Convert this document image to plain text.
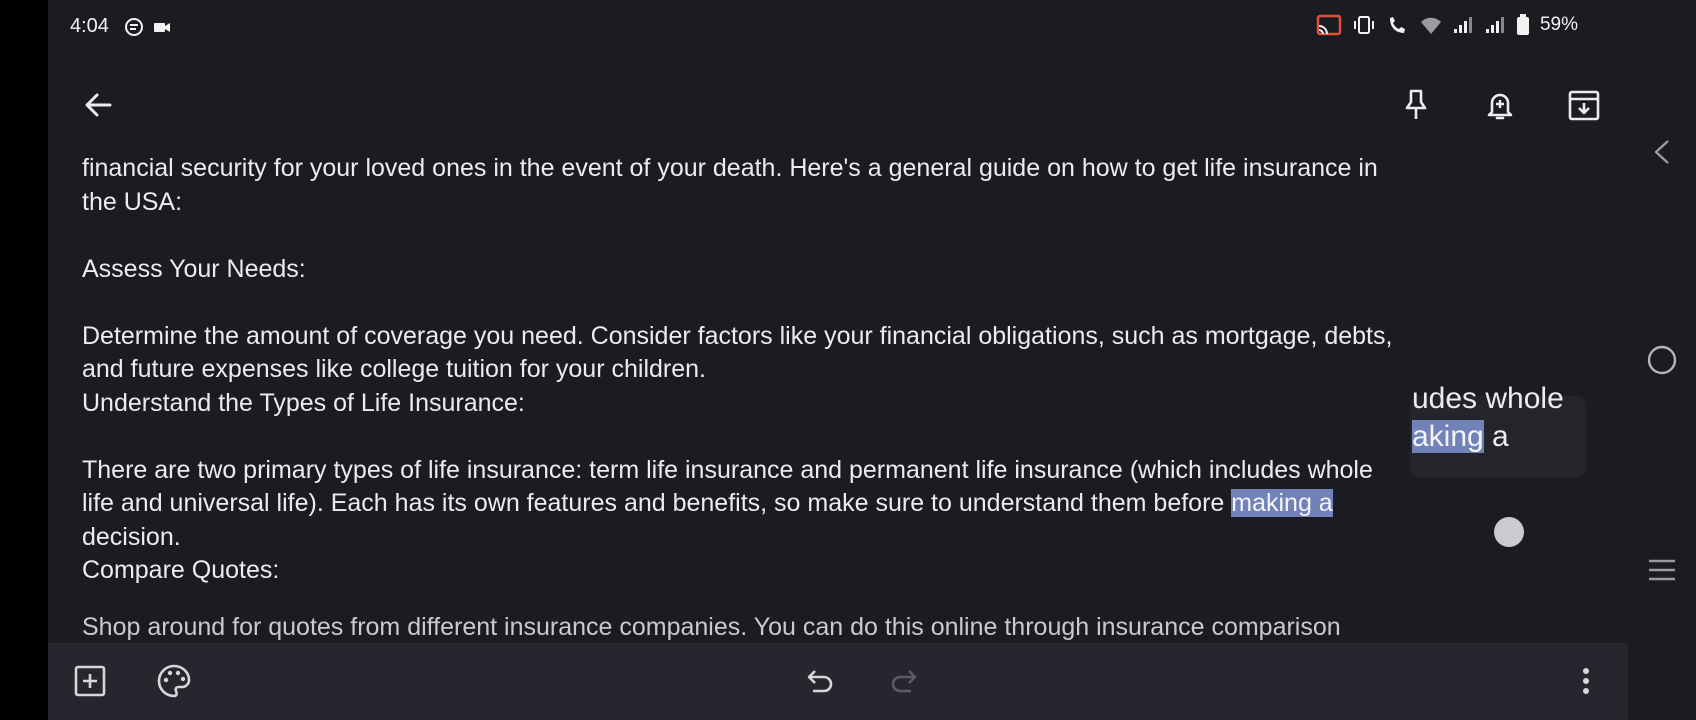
4:04	59%
financial security for your loved ones in the event of your death. Here's a general guide on how to get life insurance in
the USA:
Assess Your Needs:
Determine the amount of coverage you need. Consider factors like your financial obligations, such as mortgage, debts,
and future expenses like college tuition for your children.
Understand the Types of Life Insurance:
There are two primary types of life insurance: term life insurance and permanent life insurance (which includes whole
life and universal life). Each has its own features and benefits, so make sure to understand them before making a
decision.
Compare Quotes:
Shop around for quotes from different insurance companies. You can do this online through insurance comparison
udes whole
aking a
